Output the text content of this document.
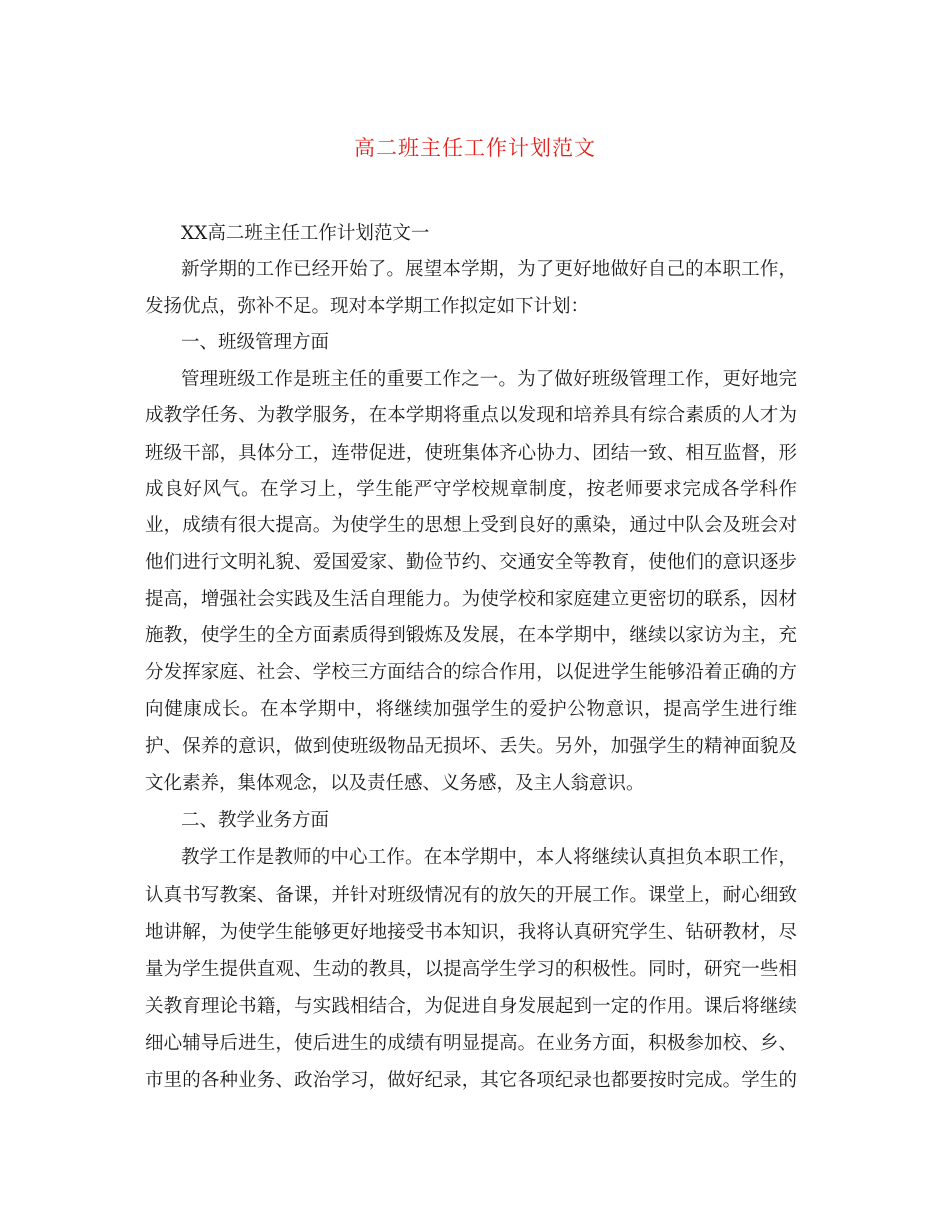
高二班主任工作计划范文
XX高二班主任工作计划范文一
新学期的工作已经开始了。展望本学期，为了更好地做好自己的本职工作，
发扬优点，弥补不足。现对本学期工作拟定如下计划：
一、班级管理方面
管理班级工作是班主任的重要工作之一。为了做好班级管理工作，更好地完
成教学任务、为教学服务，在本学期将重点以发现和培养具有综合素质的人才为
班级干部，具体分工，连带促进，使班集体齐心协力、团结一致、相互监督，形
成良好风气。在学习上，学生能严守学校规章制度，按老师要求完成各学科作
业，成绩有很大提高。为使学生的思想上受到良好的熏染，通过中队会及班会对
他们进行文明礼貌、爱国爱家、勤俭节约、交通安全等教育，使他们的意识逐步
提高，增强社会实践及生活自理能力。为使学校和家庭建立更密切的联系，因材
施教，使学生的全方面素质得到锻炼及发展，在本学期中，继续以家访为主，充
分发挥家庭、社会、学校三方面结合的综合作用，以促进学生能够沿着正确的方
向健康成长。在本学期中，将继续加强学生的爱护公物意识，提高学生进行维
护、保养的意识，做到使班级物品无损坏、丢失。另外，加强学生的精神面貌及
文化素养，集体观念，以及责任感、义务感，及主人翁意识。
二、教学业务方面
教学工作是教师的中心工作。在本学期中，本人将继续认真担负本职工作，
认真书写教案、备课，并针对班级情况有的放矢的开展工作。课堂上，耐心细致
地讲解，为使学生能够更好地接受书本知识，我将认真研究学生、钻研教材，尽
量为学生提供直观、生动的教具，以提高学生学习的积极性。同时，研究一些相
关教育理论书籍，与实践相结合，为促进自身发展起到一定的作用。课后将继续
细心辅导后进生，使后进生的成绩有明显提高。在业务方面，积极参加校、乡、
市里的各种业务、政治学习，做好纪录，其它各项纪录也都要按时完成。学生的
